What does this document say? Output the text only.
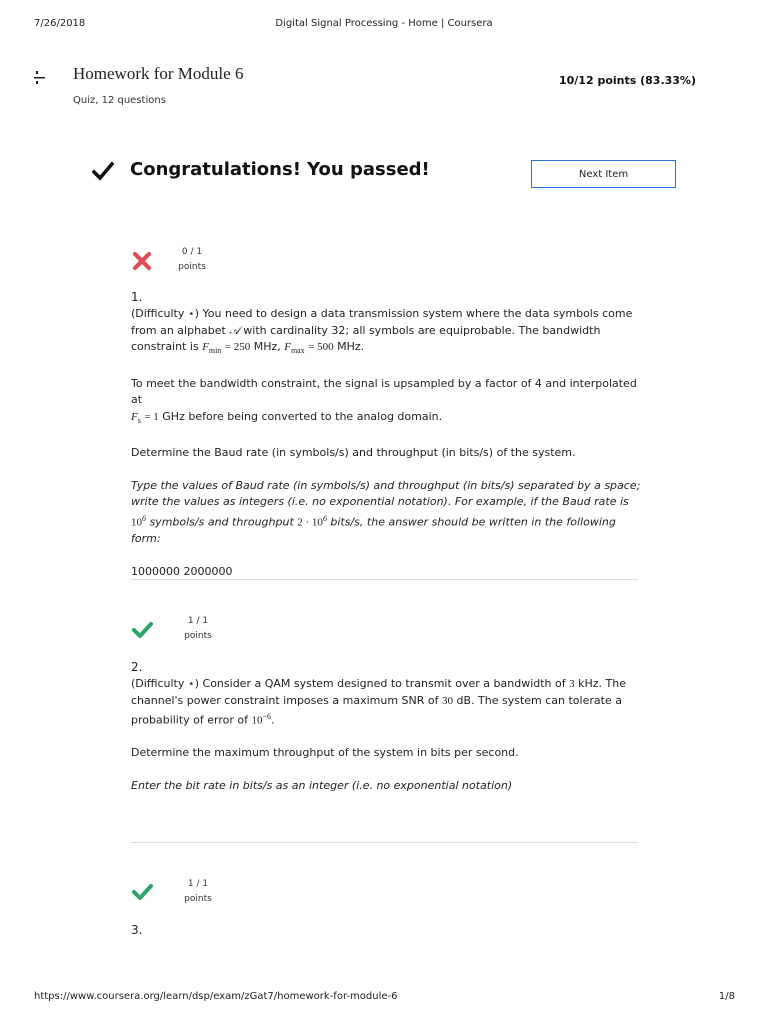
7/26/2018	Digital Signal Processing - Home | Coursera
Homework for Module 6
Quiz, 12 questions
10/12 points (83.33%)
Congratulations! You passed!	Next Item
0 / 1
points
1.

(Difficulty ⋆) You need to design a data transmission system where the data symbols come from an alphabet 𝒜 with cardinality 32; all symbols are equiprobable. The bandwidth constraint is $F_{min} = 250$ MHz, $F_{max} = 500$ MHz.

To meet the bandwidth constraint, the signal is upsampled by a factor of 4 and interpolated at
$F_s = 1$ GHz before being converted to the analog domain.

Determine the Baud rate (in symbols/s) and throughput (in bits/s) of the system.

Type the values of Baud rate (in symbols/s) and throughput (in bits/s) separated by a space; write the values as integers (i.e. no exponential notation). For example, if the Baud rate is $10^6$ symbols/s and throughput $2 \cdot 10^6$ bits/s, the answer should be written in the following form:

1000000 2000000

1 / 1
points
2.

(Difficulty ⋆) Consider a QAM system designed to transmit over a bandwidth of 3 kHz. The channel's power constraint imposes a maximum SNR of 30 dB. The system can tolerate a probability of error of $10^{-6}$.

Determine the maximum throughput of the system in bits per second.

Enter the bit rate in bits/s as an integer (i.e. no exponential notation)

1 / 1
points
3.
https://www.coursera.org/learn/dsp/exam/zGat7/homework-for-module-6	1/8
